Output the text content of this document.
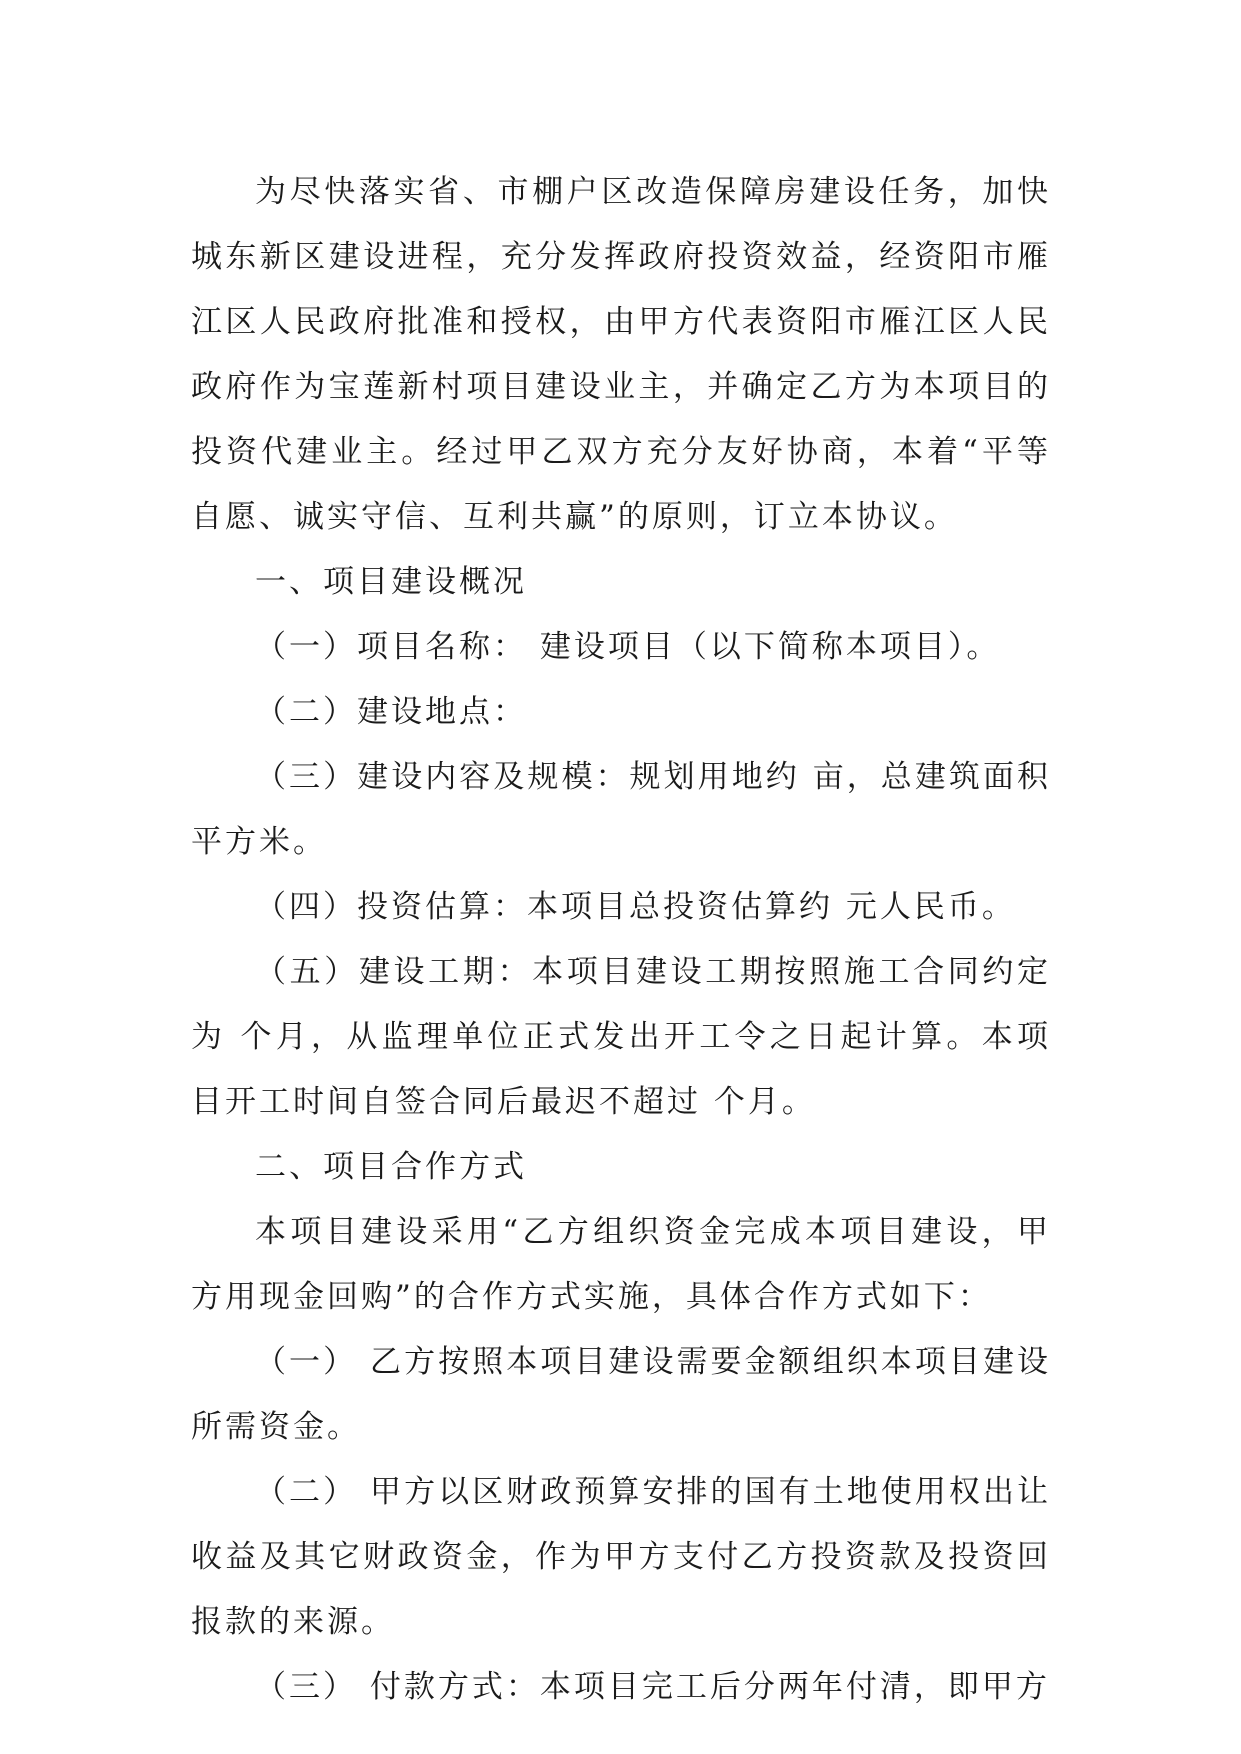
为尽快落实省、市棚户区改造保障房建设任务，加快城东新区建设进程，充分发挥政府投资效益，经资阳市雁江区人民政府批准和授权，由甲方代表资阳市雁江区人民政府作为宝莲新村项目建设业主，并确定乙方为本项目的投资代建业主。经过甲乙双方充分友好协商，本着“平等自愿、诚实守信、互利共赢”的原则，订立本协议。

一、项目建设概况

（一）项目名称： 建设项目（以下简称本项目）。

（二）建设地点：

（三）建设内容及规模：规划用地约 亩，总建筑面积 平方米。

（四）投资估算：本项目总投资估算约 元人民币。

（五）建设工期：本项目建设工期按照施工合同约定为 个月，从监理单位正式发出开工令之日起计算。本项目开工时间自签合同后最迟不超过 个月。

二、项目合作方式

本项目建设采用“乙方组织资金完成本项目建设，甲方用现金回购”的合作方式实施，具体合作方式如下：

（一） 乙方按照本项目建设需要金额组织本项目建设所需资金。

（二） 甲方以区财政预算安排的国有土地使用权出让收益及其它财政资金，作为甲方支付乙方投资款及投资回报款的来源。

（三） 付款方式：本项目完工后分两年付清，即甲方
